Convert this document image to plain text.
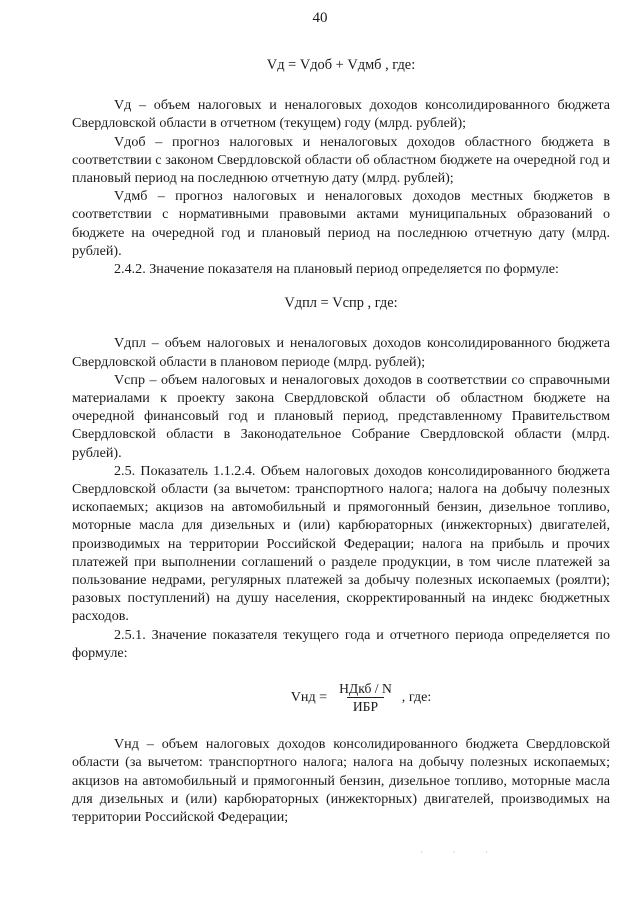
40
Vд = Vдоб + Vдмб , где:

Vд – объем налоговых и неналоговых доходов консолидированного бюджета Свердловской области в отчетном (текущем) году (млрд. рублей);

Vдоб – прогноз налоговых и неналоговых доходов областного бюджета в соответствии с законом Свердловской области об областном бюджете на очередной год и плановый период на последнюю отчетную дату (млрд. рублей);

Vдмб – прогноз налоговых и неналоговых доходов местных бюджетов в соответствии с нормативными правовыми актами муниципальных образований о бюджете на очередной год и плановый период на последнюю отчетную дату (млрд. рублей).

2.4.2. Значение показателя на плановый период определяется по формуле:

Vдпл = Vспр , где:

Vдпл – объем налоговых и неналоговых доходов консолидированного бюджета Свердловской области в плановом периоде (млрд. рублей);

Vспр – объем налоговых и неналоговых доходов в соответствии со справочными материалами к проекту закона Свердловской области об областном бюджете на очередной финансовый год и плановый период, представленному Правительством Свердловской области в Законодательное Собрание Свердловской области (млрд. рублей).

2.5. Показатель 1.1.2.4. Объем налоговых доходов консолидированного бюджета Свердловской области (за вычетом: транспортного налога; налога на добычу полезных ископаемых; акцизов на автомобильный и прямогонный бензин, дизельное топливо, моторные масла для дизельных и (или) карбюраторных (инжекторных) двигателей, производимых на территории Российской Федерации; налога на прибыль и прочих платежей при выполнении соглашений о разделе продукции, в том числе платежей за пользование недрами, регулярных платежей за добычу полезных ископаемых (роялти); разовых поступлений) на душу населения, скорректированный на индекс бюджетных расходов.

2.5.1. Значение показателя текущего года и отчетного периода определяется по формуле:

Vнд = $\frac{\text{НДкб / N}}{\text{ИБР}}$ , где:

Vнд – объем налоговых доходов консолидированного бюджета Свердловской области (за вычетом: транспортного налога; налога на добычу полезных ископаемых; акцизов на автомобильный и прямогонный бензин, дизельное топливо, моторные масла для дизельных и (или) карбюраторных (инжекторных) двигателей, производимых на территории Российской Федерации;

· · ·
